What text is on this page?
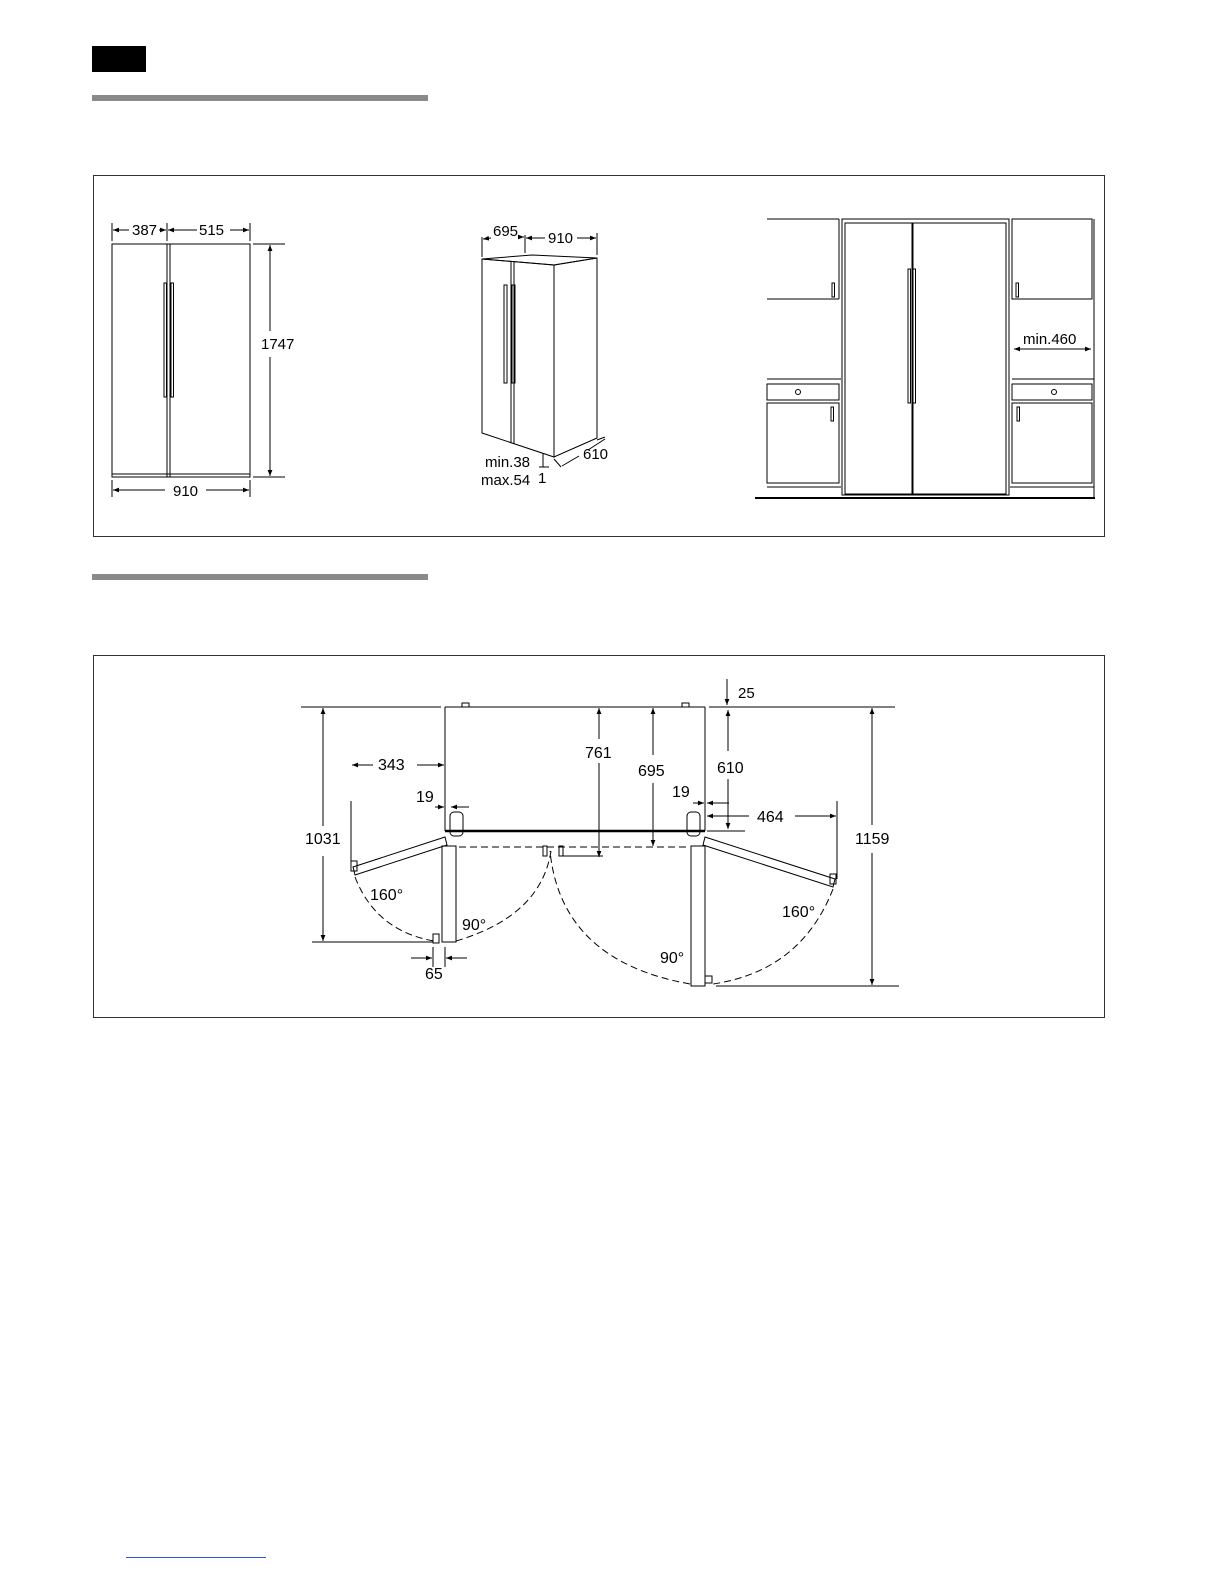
387	515
1747
910
695 910
610
min.38
max.54 1
min.460
25
761
695	610
343
464
19	19
1031	1159
160°
90°
160°
90°
65
